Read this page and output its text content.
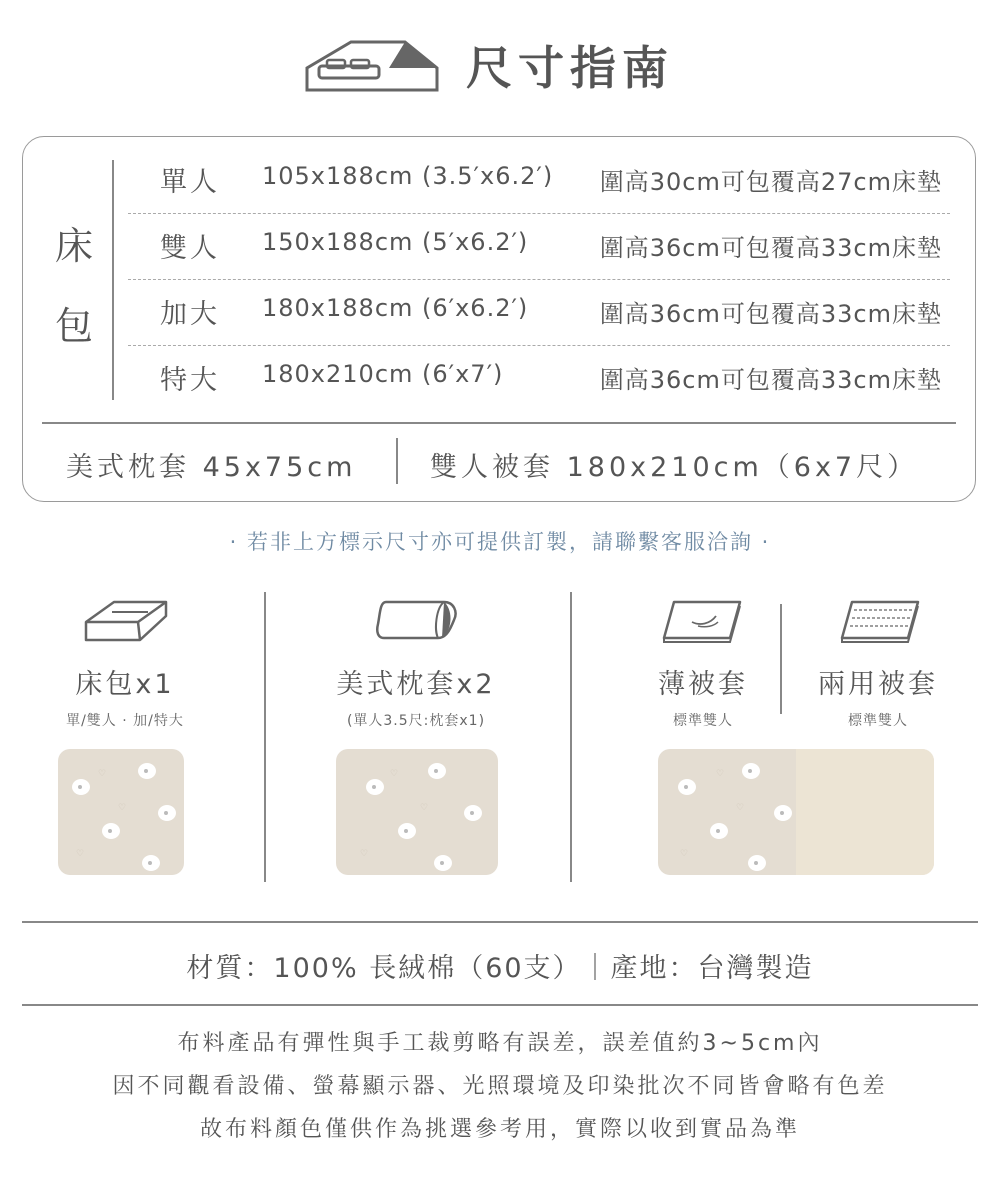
尺寸指南
床
包
單人 105x188cm (3.5′x6.2′) 圍高30cm可包覆高27cm床墊
雙人 150x188cm (5′x6.2′)	圍高36cm可包覆高33cm床墊
加大 180x188cm (6′x6.2′)	圍高36cm可包覆高33cm床墊
特大 180x210cm (6′x7′)	圍高36cm可包覆高33cm床墊
美式枕套 45x75cm	雙人被套 180x210cm（6x7尺）
· 若非上方標示尺寸亦可提供訂製，請聯繫客服洽詢 ·
床包x1
單/雙人 · 加/特大
♡
♡
♡
美式枕套x2
(單人3.5尺:枕套x1)
♡
♡
♡
薄被套
標準雙人
兩用被套
標準雙人
♡
♡
♡
材質：100% 長絨棉（60支）｜產地：台灣製造
布料產品有彈性與手工裁剪略有誤差，誤差值約3~5cm內
因不同觀看設備、螢幕顯示器、光照環境及印染批次不同皆會略有色差
故布料顏色僅供作為挑選參考用，實際以收到實品為準
